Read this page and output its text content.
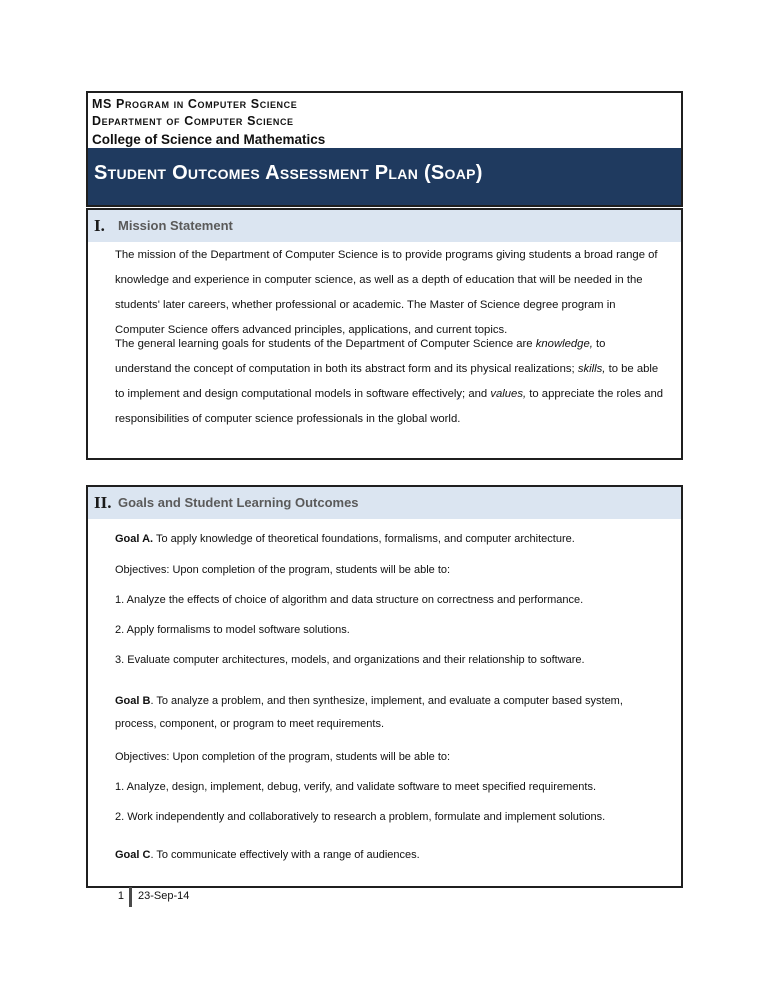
MS Program in Computer Science
Department of Computer Science
College of Science and Mathematics
Student Outcomes Assessment Plan (Soap)
I. Mission Statement
The mission of the Department of Computer Science is to provide programs giving students a broad range of knowledge and experience in computer science, as well as a depth of education that will be needed in the students' later careers, whether professional or academic. The Master of Science degree program in Computer Science offers advanced principles, applications, and current topics.
The general learning goals for students of the Department of Computer Science are knowledge, to understand the concept of computation in both its abstract form and its physical realizations; skills, to be able to implement and design computational models in software effectively; and values, to appreciate the roles and responsibilities of computer science professionals in the global world.
II. Goals and Student Learning Outcomes
Goal A. To apply knowledge of theoretical foundations, formalisms, and computer architecture.
Objectives: Upon completion of the program, students will be able to:
1. Analyze the effects of choice of algorithm and data structure on correctness and performance.
2. Apply formalisms to model software solutions.
3. Evaluate computer architectures, models, and organizations and their relationship to software.
Goal B. To analyze a problem, and then synthesize, implement, and evaluate a computer based system,
process, component, or program to meet requirements.
Objectives: Upon completion of the program, students will be able to:
1. Analyze, design, implement, debug, verify, and validate software to meet specified requirements.
2. Work independently and collaboratively to research a problem, formulate and implement solutions.
Goal C. To communicate effectively with a range of audiences.
1 23-Sep-14
